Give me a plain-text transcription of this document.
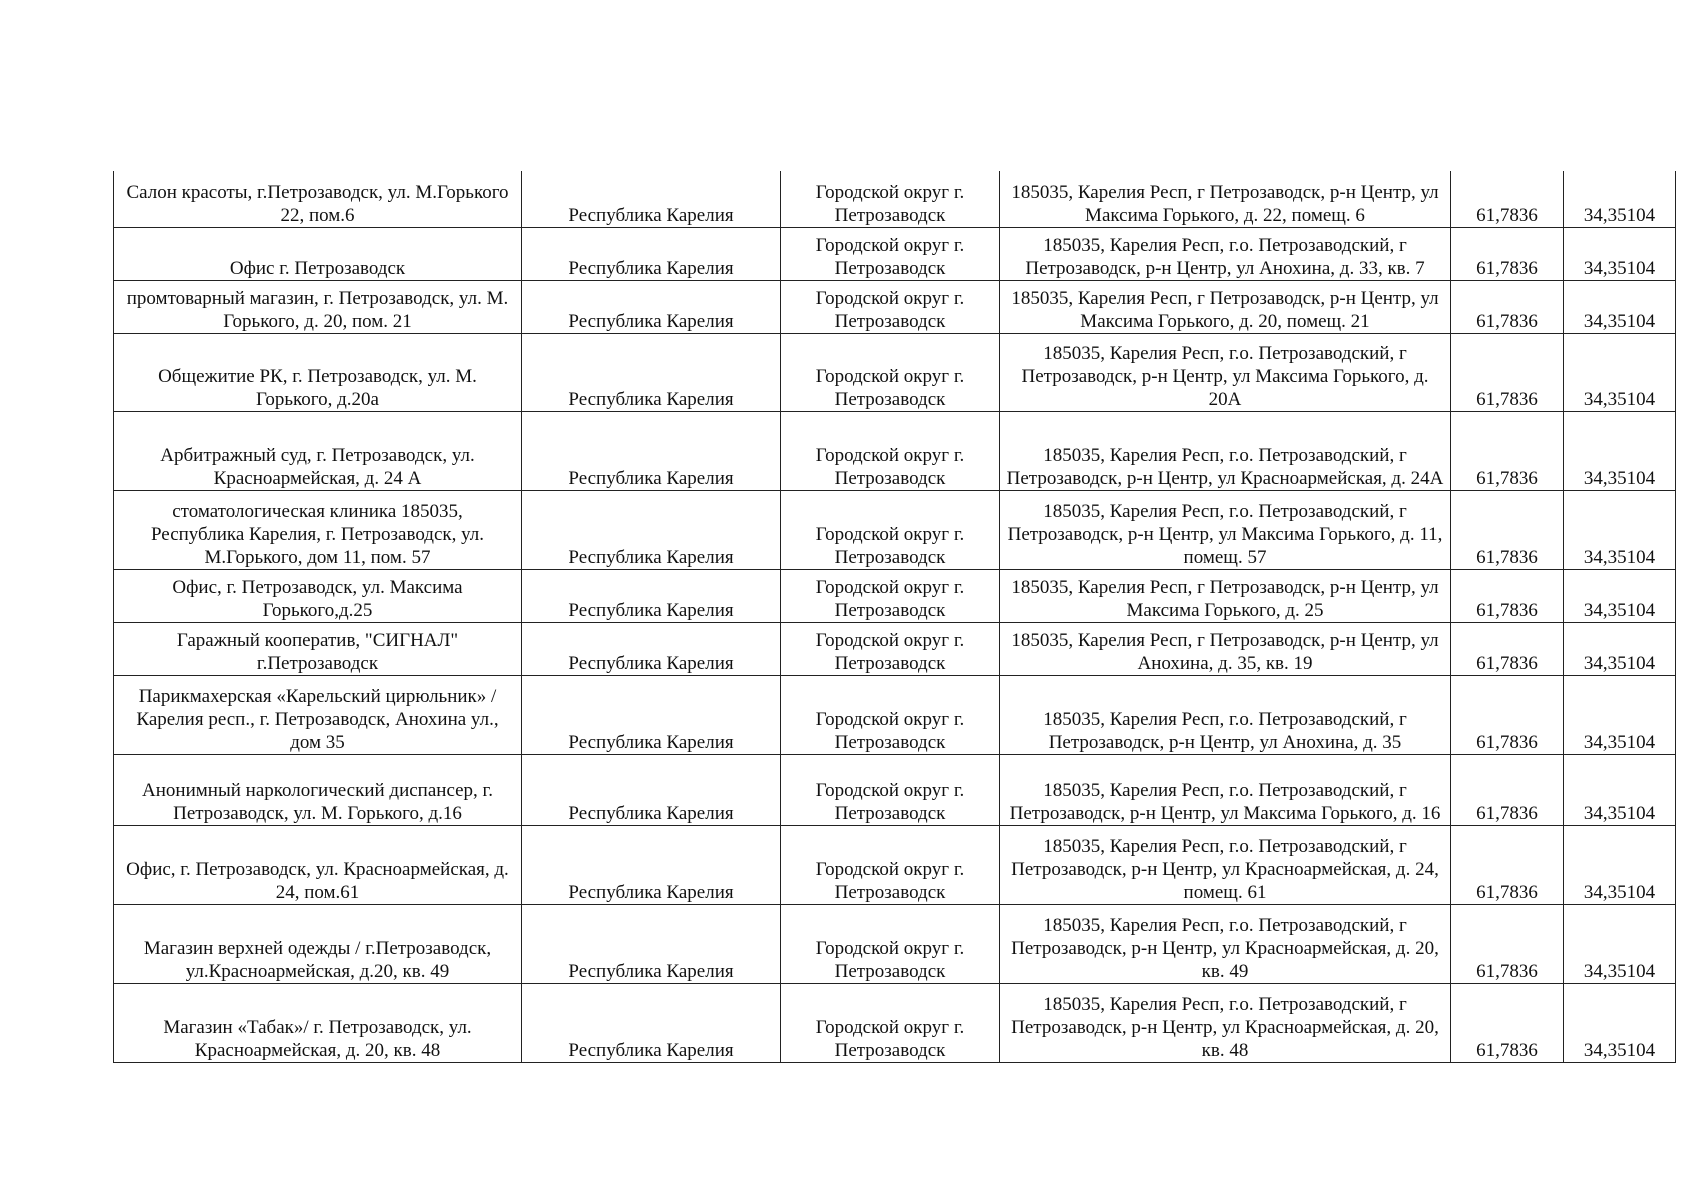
Салон красоты, г.Петрозаводск, ул. М.Горького 22, пом.6	Республика Карелия	Городской округ г. Петрозаводск	185035, Карелия Респ, г Петрозаводск, р-н Центр, ул Максима Горького, д. 22, помещ. 6	61,7836	34,35104
Офис г. Петрозаводск	Республика Карелия	Городской округ г. Петрозаводск	185035, Карелия Респ, г.о. Петрозаводский, г Петрозаводск, р-н Центр, ул Анохина, д. 33, кв. 7	61,7836	34,35104
промтоварный магазин, г. Петрозаводск, ул. М. Горького, д. 20, пом. 21	Республика Карелия	Городской округ г. Петрозаводск	185035, Карелия Респ, г Петрозаводск, р-н Центр, ул Максима Горького, д. 20, помещ. 21	61,7836	34,35104
Общежитие РК, г. Петрозаводск, ул. М. Горького, д.20а	Республика Карелия	Городской округ г. Петрозаводск	185035, Карелия Респ, г.о. Петрозаводский, г Петрозаводск, р-н Центр, ул Максима Горького, д. 20А	61,7836	34,35104
Арбитражный суд, г. Петрозаводск, ул. Красноармейская, д. 24 А	Республика Карелия	Городской округ г. Петрозаводск	185035, Карелия Респ, г.о. Петрозаводский, г Петрозаводск, р-н Центр, ул Красноармейская, д. 24А	61,7836	34,35104
стоматологическая клиника 185035, Республика Карелия, г. Петрозаводск, ул. М.Горького, дом 11, пом. 57	Республика Карелия	Городской округ г. Петрозаводск	185035, Карелия Респ, г.о. Петрозаводский, г Петрозаводск, р-н Центр, ул Максима Горького, д. 11, помещ. 57	61,7836	34,35104
Офис, г. Петрозаводск, ул. Максима Горького,д.25	Республика Карелия	Городской округ г. Петрозаводск	185035, Карелия Респ, г Петрозаводск, р-н Центр, ул Максима Горького, д. 25	61,7836	34,35104
Гаражный кооператив, "СИГНАЛ" г.Петрозаводск	Республика Карелия	Городской округ г. Петрозаводск	185035, Карелия Респ, г Петрозаводск, р-н Центр, ул Анохина, д. 35, кв. 19	61,7836	34,35104
Парикмахерская «Карельский цирюльник» / Карелия респ., г. Петрозаводск, Анохина ул., дом 35	Республика Карелия	Городской округ г. Петрозаводск	185035, Карелия Респ, г.о. Петрозаводский, г Петрозаводск, р-н Центр, ул Анохина, д. 35	61,7836	34,35104
Анонимный наркологический диспансер, г. Петрозаводск, ул. М. Горького, д.16	Республика Карелия	Городской округ г. Петрозаводск	185035, Карелия Респ, г.о. Петрозаводский, г Петрозаводск, р-н Центр, ул Максима Горького, д. 16	61,7836	34,35104
Офис, г. Петрозаводск, ул. Красноармейская, д. 24, пом.61	Республика Карелия	Городской округ г. Петрозаводск	185035, Карелия Респ, г.о. Петрозаводский, г Петрозаводск, р-н Центр, ул Красноармейская, д. 24, помещ. 61	61,7836	34,35104
Магазин верхней одежды / г.Петрозаводск, ул.Красноармейская, д.20, кв. 49	Республика Карелия	Городской округ г. Петрозаводск	185035, Карелия Респ, г.о. Петрозаводский, г Петрозаводск, р-н Центр, ул Красноармейская, д. 20, кв. 49	61,7836	34,35104
Магазин «Табак»/ г. Петрозаводск, ул. Красноармейская, д. 20, кв. 48	Республика Карелия	Городской округ г. Петрозаводск	185035, Карелия Респ, г.о. Петрозаводский, г Петрозаводск, р-н Центр, ул Красноармейская, д. 20, кв. 48	61,7836	34,35104
